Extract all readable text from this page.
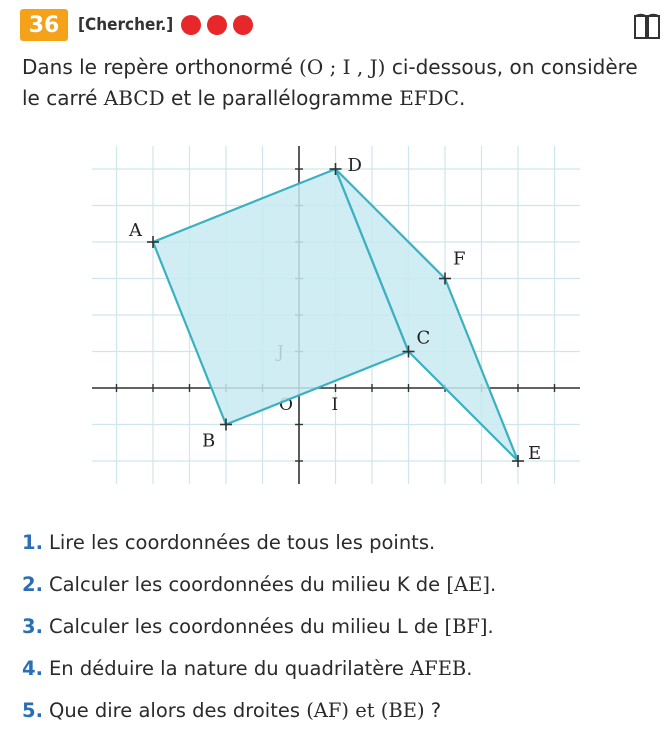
36	[Chercher.]
Dans le repère orthonormé (O ; I , J) ci-dessous, on considère le carré ABCD et le parallélogramme EFDC.
O I
A
B
C
D
E
F
1. Lire les coordonnées de tous les points.
2. Calculer les coordonnées du milieu K de [AE].
3. Calculer les coordonnées du milieu L de [BF].
4. En déduire la nature du quadrilatère AFEB.
5. Que dire alors des droites (AF) et (BE) ?
